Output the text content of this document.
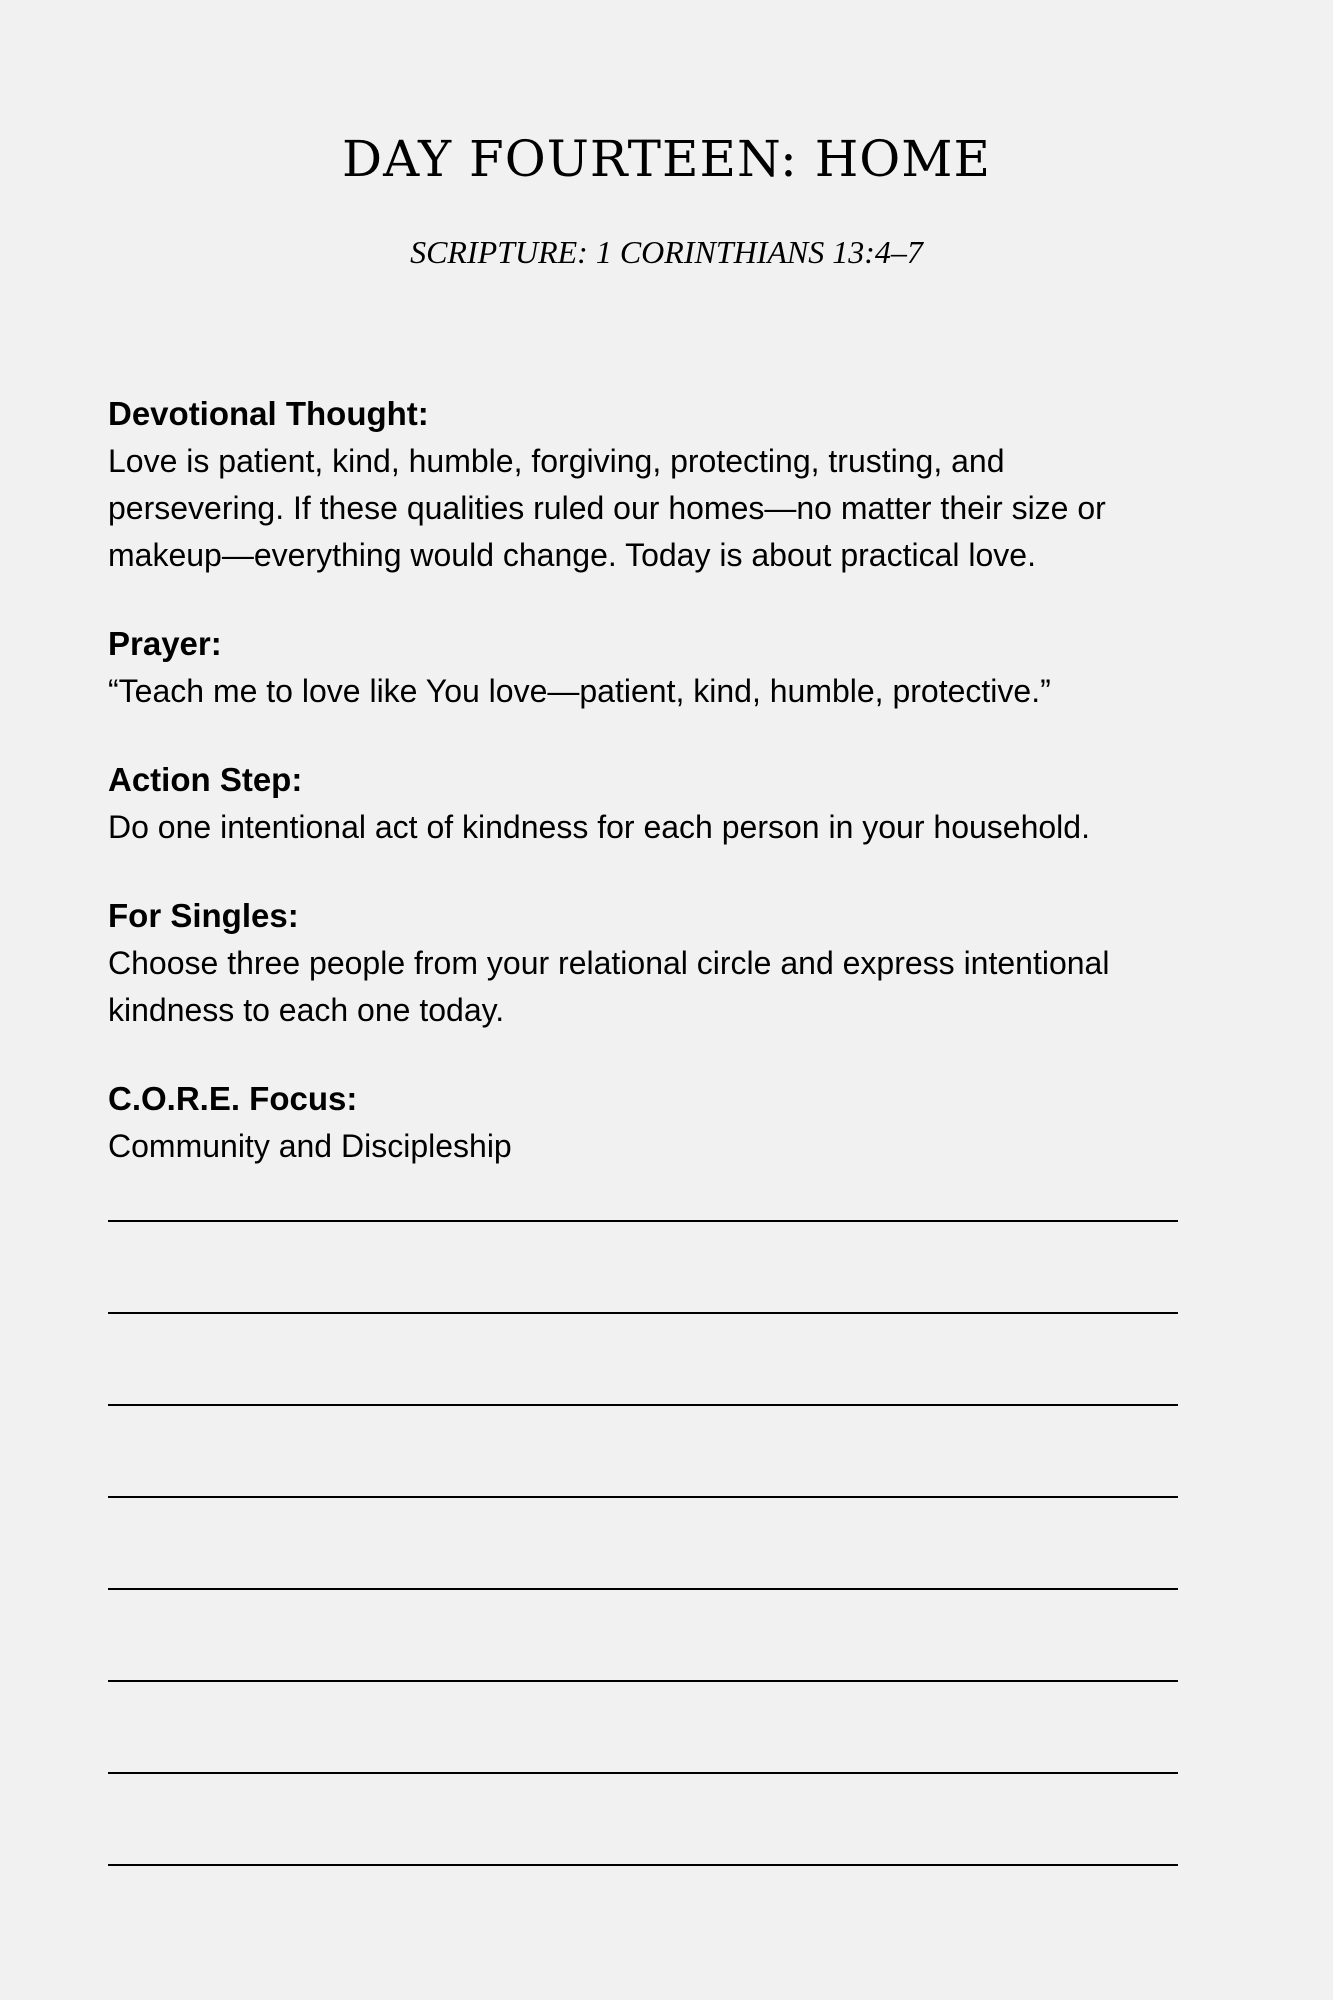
DAY FOURTEEN: HOME
SCRIPTURE: 1 CORINTHIANS 13:4–7
Devotional Thought:

Love is patient, kind, humble, forgiving, protecting, trusting, and persevering. If these qualities ruled our homes—no matter their size or makeup—everything would change. Today is about practical love.

Prayer:

“Teach me to love like You love—patient, kind, humble, protective.”

Action Step:

Do one intentional act of kindness for each person in your household.

For Singles:

Choose three people from your relational circle and express intentional kindness to each one today.

C.O.R.E. Focus:

Community and Discipleship
